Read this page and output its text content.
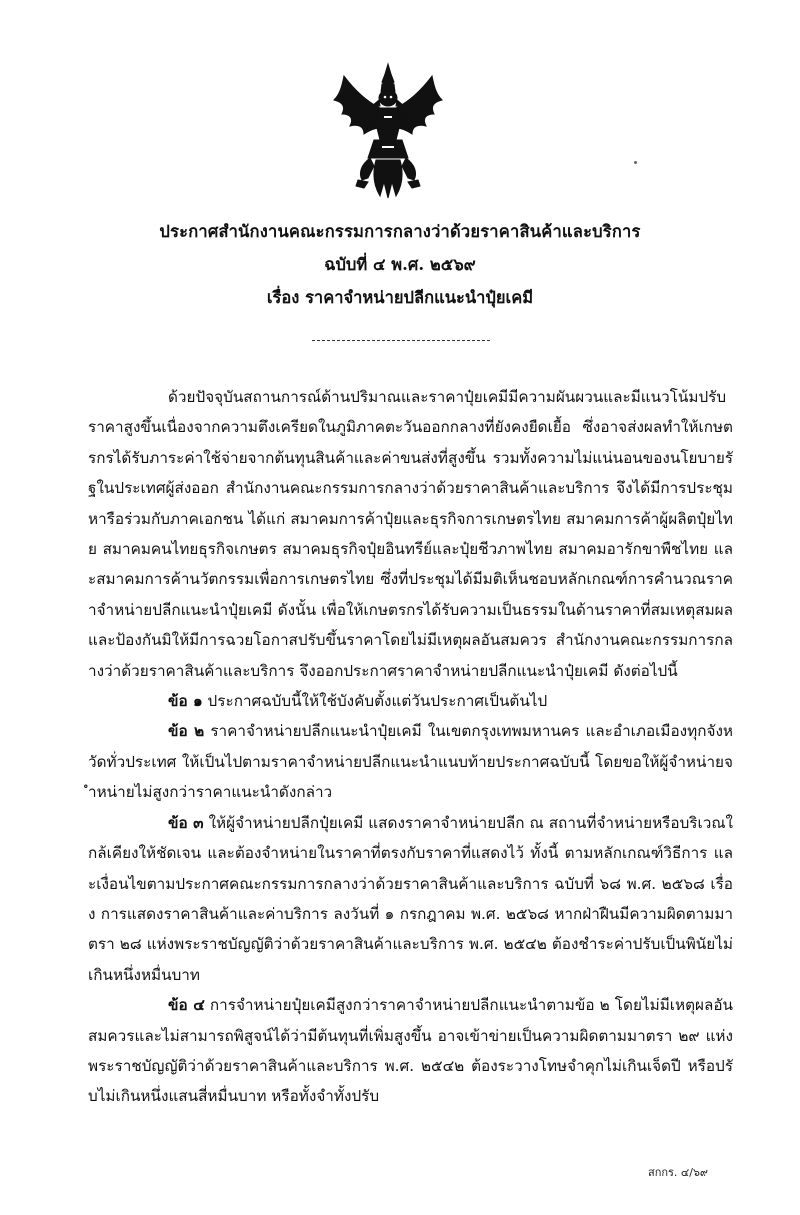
ประกาศสำนักงานคณะกรรมการกลางว่าด้วยราคาสินค้าและบริการ
ฉบับที่ ๔ พ.ศ. ๒๕๖๙
เรื่อง ราคาจำหน่ายปลีกแนะนำปุ๋ยเคมี

ด้วยปัจจุบันสถานการณ์ด้านปริมาณและราคาปุ๋ยเคมีมีความผันผวนและมีแนวโน้มปรับราคาสูงขึ้นเนื่องจากความตึงเครียดในภูมิภาคตะวันออกกลางที่ยังคงยืดเยื้อ ซึ่งอาจส่งผลทำให้เกษตรกรได้รับภาระค่าใช้จ่ายจากต้นทุนสินค้าและค่าขนส่งที่สูงขึ้น รวมทั้งความไม่แน่นอนของนโยบายรัฐในประเทศผู้ส่งออก สำนักงานคณะกรรมการกลางว่าด้วยราคาสินค้าและบริการ จึงได้มีการประชุมหารือร่วมกับภาคเอกชน ได้แก่ สมาคมการค้าปุ๋ยและธุรกิจการเกษตรไทย สมาคมการค้าผู้ผลิตปุ๋ยไทย สมาคมคนไทยธุรกิจเกษตร สมาคมธุรกิจปุ๋ยอินทรีย์และปุ๋ยชีวภาพไทย สมาคมอารักขาพืชไทย และสมาคมการค้านวัตกรรมเพื่อการเกษตรไทย ซึ่งที่ประชุมได้มีมติเห็นชอบหลักเกณฑ์การคำนวณราคาจำหน่ายปลีกแนะนำปุ๋ยเคมี ดังนั้น เพื่อให้เกษตรกรได้รับความเป็นธรรมในด้านราคาที่สมเหตุสมผลและป้องกันมิให้มีการฉวยโอกาสปรับขึ้นราคาโดยไม่มีเหตุผลอันสมควร สำนักงานคณะกรรมการกลางว่าด้วยราคาสินค้าและบริการ จึงออกประกาศราคาจำหน่ายปลีกแนะนำปุ๋ยเคมี ดังต่อไปนี้

ข้อ ๑ ประกาศฉบับนี้ให้ใช้บังคับตั้งแต่วันประกาศเป็นต้นไป

ข้อ ๒ ราคาจำหน่ายปลีกแนะนำปุ๋ยเคมี ในเขตกรุงเทพมหานคร และอำเภอเมืองทุกจังหวัดทั่วประเทศ ให้เป็นไปตามราคาจำหน่ายปลีกแนะนำแนบท้ายประกาศฉบับนี้ โดยขอให้ผู้จำหน่ายจำหน่ายไม่สูงกว่าราคาแนะนำดังกล่าว

ข้อ ๓ ให้ผู้จำหน่ายปลีกปุ๋ยเคมี แสดงราคาจำหน่ายปลีก ณ สถานที่จำหน่ายหรือบริเวณใกล้เคียงให้ชัดเจน และต้องจำหน่ายในราคาที่ตรงกับราคาที่แสดงไว้ ทั้งนี้ ตามหลักเกณฑ์วิธีการ และเงื่อนไขตามประกาศคณะกรรมการกลางว่าด้วยราคาสินค้าและบริการ ฉบับที่ ๖๘ พ.ศ. ๒๕๖๘ เรื่อง การแสดงราคาสินค้าและค่าบริการ ลงวันที่ ๑ กรกฎาคม พ.ศ. ๒๕๖๘ หากฝ่าฝืนมีความผิดตามมาตรา ๒๘ แห่งพระราชบัญญัติว่าด้วยราคาสินค้าและบริการ พ.ศ. ๒๕๔๒ ต้องชำระค่าปรับเป็นพินัยไม่เกินหนึ่งหมื่นบาท

ข้อ ๔ การจำหน่ายปุ๋ยเคมีสูงกว่าราคาจำหน่ายปลีกแนะนำตามข้อ ๒ โดยไม่มีเหตุผลอันสมควรและไม่สามารถพิสูจน์ได้ว่ามีต้นทุนที่เพิ่มสูงขึ้น อาจเข้าข่ายเป็นความผิดตามมาตรา ๒๙ แห่งพระราชบัญญัติว่าด้วยราคาสินค้าและบริการ พ.ศ. ๒๕๔๒ ต้องระวางโทษจำคุกไม่เกินเจ็ดปี หรือปรับไม่เกินหนึ่งแสนสี่หมื่นบาท หรือทั้งจำทั้งปรับ

สกกร. ๔/๖๙
